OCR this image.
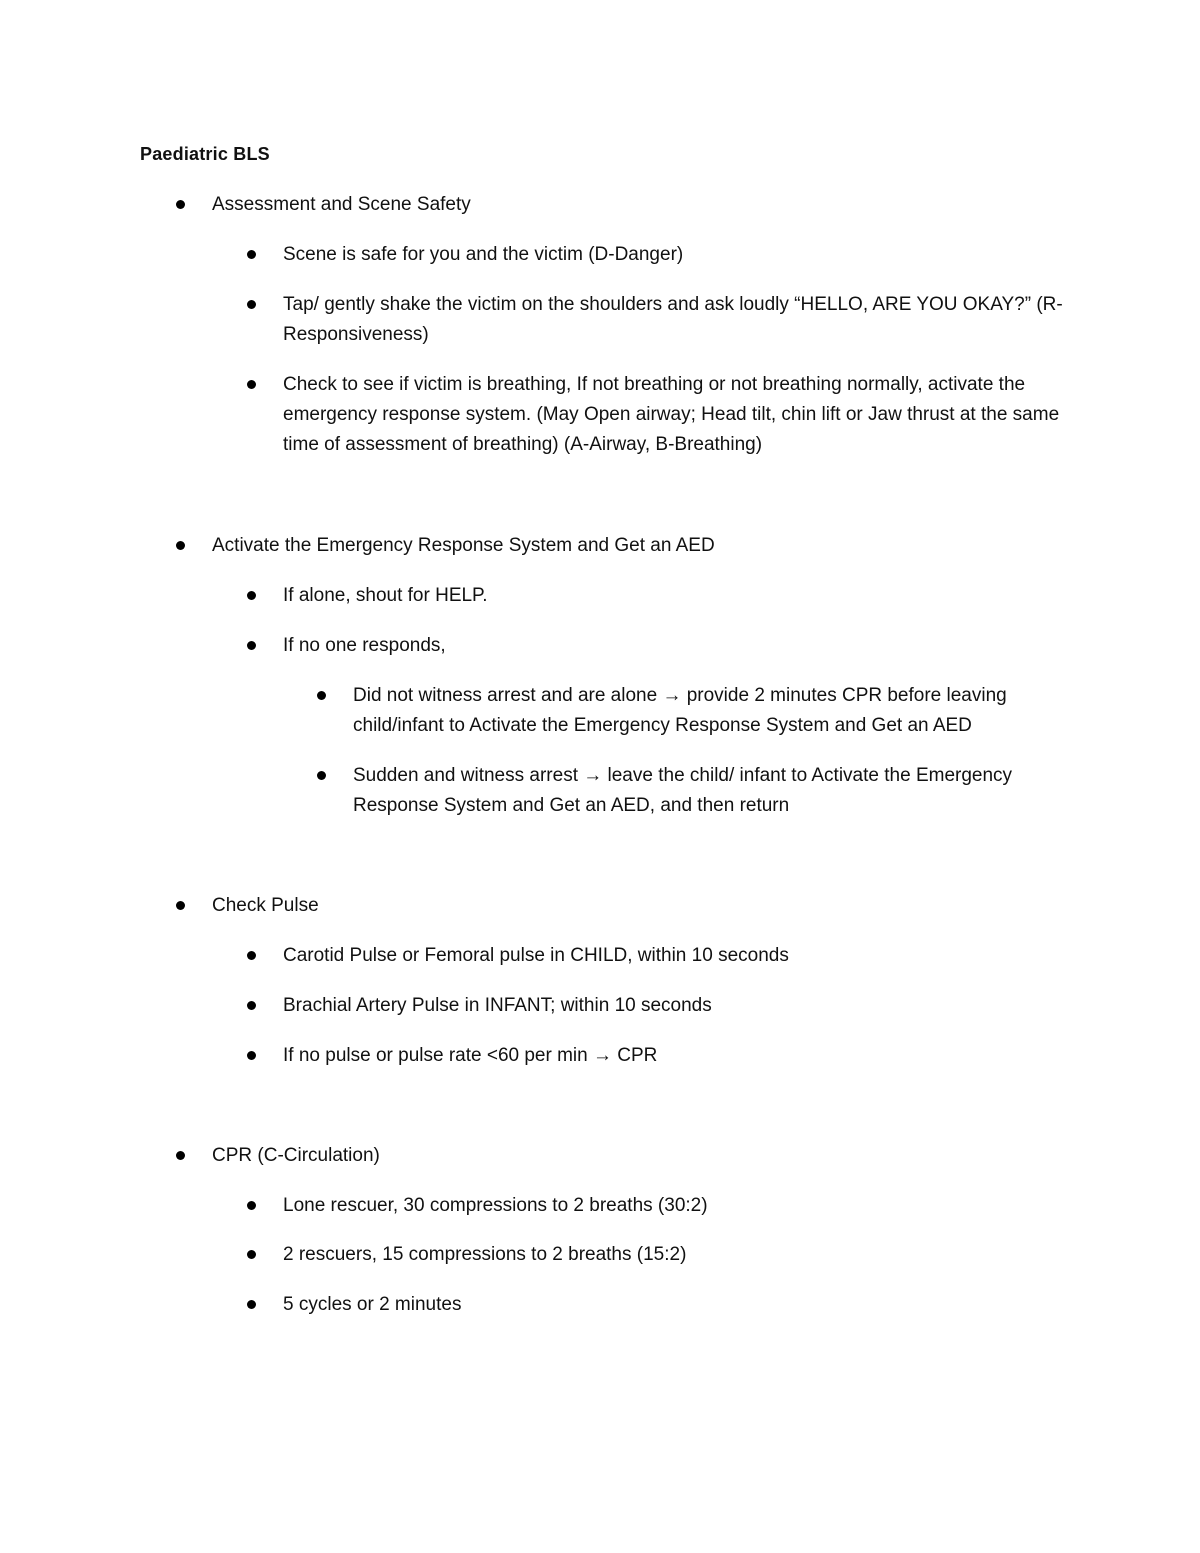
Paediatric BLS
Assessment and Scene Safety
Scene is safe for you and the victim (D-Danger)
Tap/ gently shake the victim on the shoulders and ask loudly “HELLO, ARE YOU OKAY?” (R-Responsiveness)
Check to see if victim is breathing, If not breathing or not breathing normally, activate the emergency response system. (May Open airway; Head tilt, chin lift or Jaw thrust at the same time of assessment of breathing) (A-Airway, B-Breathing)
Activate the Emergency Response System and Get an AED
If alone, shout for HELP.
If no one responds,
Did not witness arrest and are alone → provide 2 minutes CPR before leaving child/infant to Activate the Emergency Response System and Get an AED
Sudden and witness arrest → leave the child/ infant to Activate the Emergency Response System and Get an AED, and then return
Check Pulse
Carotid Pulse or Femoral pulse in CHILD, within 10 seconds
Brachial Artery Pulse in INFANT; within 10 seconds
If no pulse or pulse rate <60 per min → CPR
CPR (C-Circulation)
Lone rescuer, 30 compressions to 2 breaths (30:2)
2 rescuers, 15 compressions to 2 breaths (15:2)
5 cycles or 2 minutes
